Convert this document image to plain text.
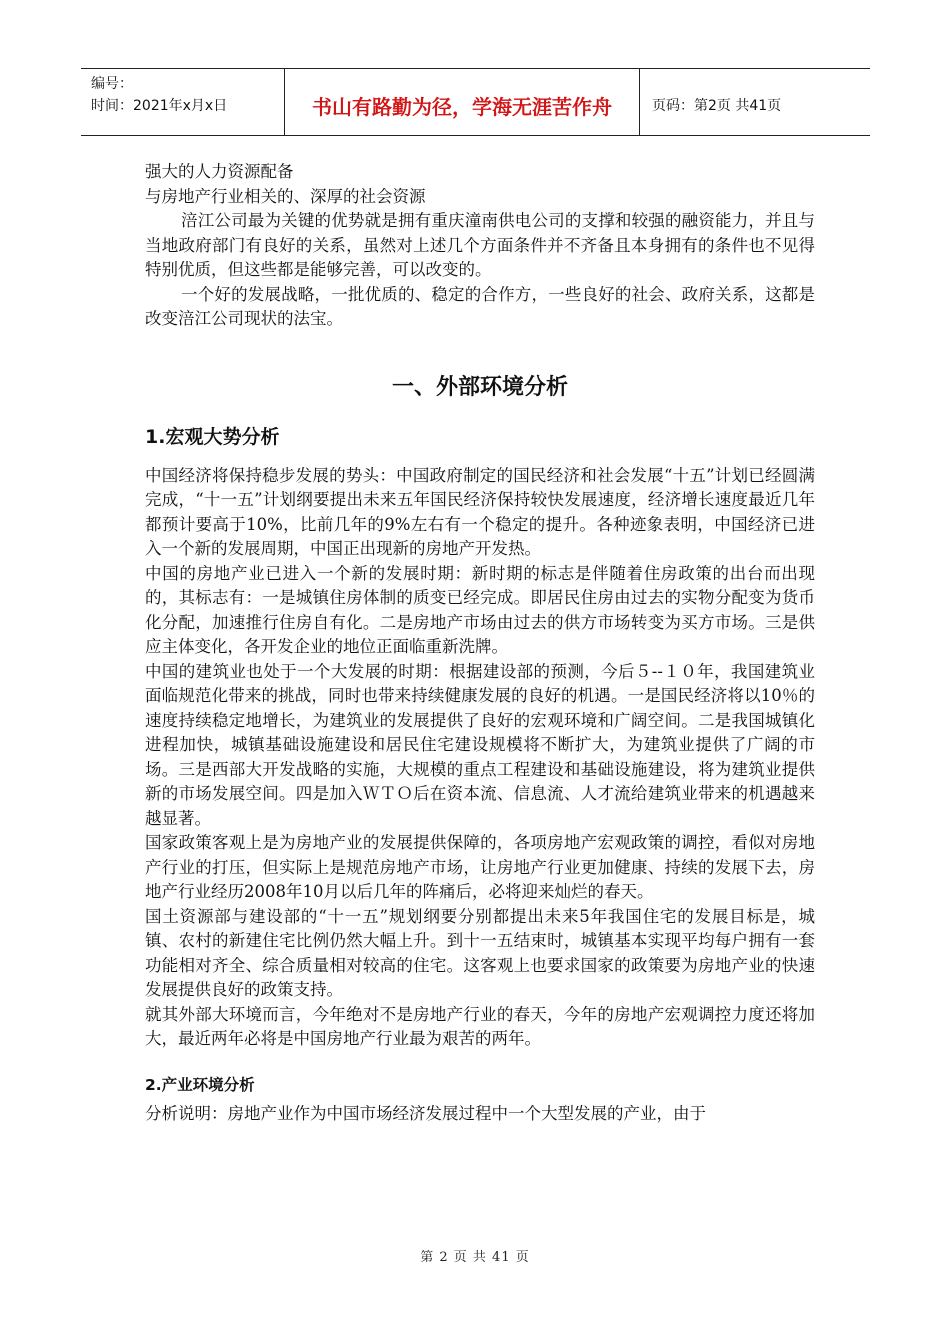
编号：
时间：2021年x月x日	书山有路勤为径，学海无涯苦作舟	页码：第2页 共41页

强大的人力资源配备

与房地产行业相关的、深厚的社会资源

涪江公司最为关键的优势就是拥有重庆潼南供电公司的支撑和较强的融资能力，并且与当地政府部门有良好的关系，虽然对上述几个方面条件并不齐备且本身拥有的条件也不见得特别优质，但这些都是能够完善，可以改变的。

一个好的发展战略，一批优质的、稳定的合作方，一些良好的社会、政府关系，这都是改变涪江公司现状的法宝。

一、外部环境分析
1.宏观大势分析

中国经济将保持稳步发展的势头：中国政府制定的国民经济和社会发展“十五”计划已经圆满完成，“十一五”计划纲要提出未来五年国民经济保持较快发展速度，经济增长速度最近几年都预计要高于10%，比前几年的9%左右有一个稳定的提升。各种迹象表明，中国经济已进入一个新的发展周期，中国正出现新的房地产开发热。

中国的房地产业已进入一个新的发展时期：新时期的标志是伴随着住房政策的出台而出现的，其标志有：一是城镇住房体制的质变已经完成。即居民住房由过去的实物分配变为货币化分配，加速推行住房自有化。二是房地产市场由过去的供方市场转变为买方市场。三是供应主体变化，各开发企业的地位正面临重新洗牌。

中国的建筑业也处于一个大发展的时期：根据建设部的预测，今后５--１０年，我国建筑业面临规范化带来的挑战，同时也带来持续健康发展的良好的机遇。一是国民经济将以10％的速度持续稳定地增长，为建筑业的发展提供了良好的宏观环境和广阔空间。二是我国城镇化进程加快，城镇基础设施建设和居民住宅建设规模将不断扩大，为建筑业提供了广阔的市场。三是西部大开发战略的实施，大规模的重点工程建设和基础设施建设，将为建筑业提供新的市场发展空间。四是加入ＷＴＯ后在资本流、信息流、人才流给建筑业带来的机遇越来越显著。

国家政策客观上是为房地产业的发展提供保障的，各项房地产宏观政策的调控，看似对房地产行业的打压，但实际上是规范房地产市场，让房地产行业更加健康、持续的发展下去，房地产行业经历2008年10月以后几年的阵痛后，必将迎来灿烂的春天。

国土资源部与建设部的“十一五”规划纲要分别都提出未来5年我国住宅的发展目标是，城镇、农村的新建住宅比例仍然大幅上升。到十一五结束时，城镇基本实现平均每户拥有一套功能相对齐全、综合质量相对较高的住宅。这客观上也要求国家的政策要为房地产业的快速发展提供良好的政策支持。

就其外部大环境而言，今年绝对不是房地产行业的春天，今年的房地产宏观调控力度还将加大，最近两年必将是中国房地产行业最为艰苦的两年。

2.产业环境分析

分析说明：房地产业作为中国市场经济发展过程中一个大型发展的产业，由于

第 2 页 共 41 页
